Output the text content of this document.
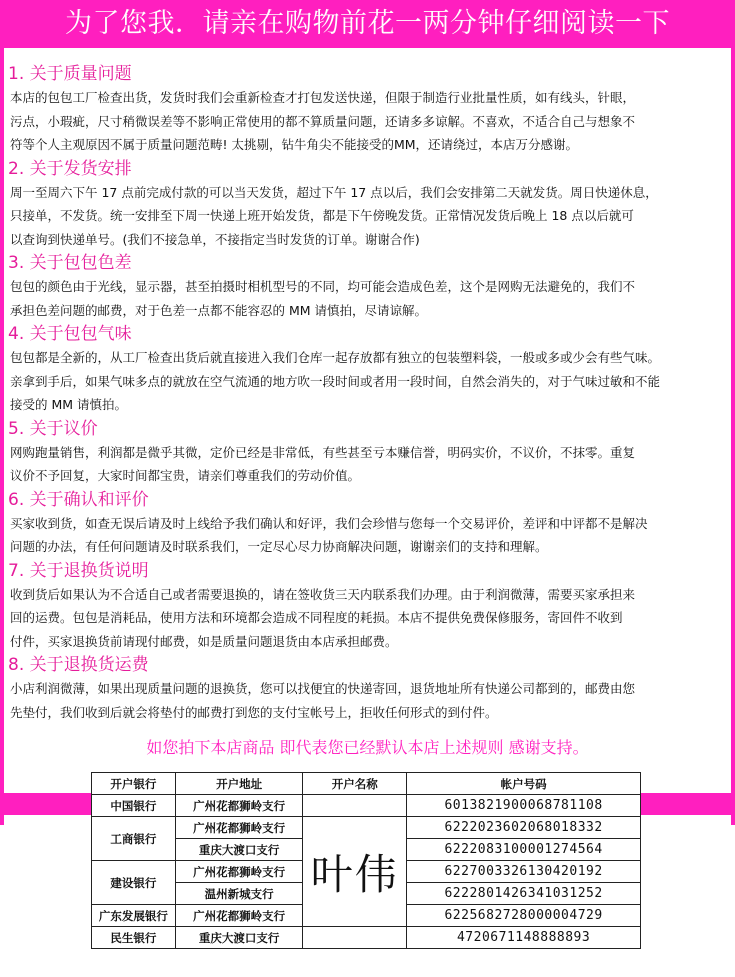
为了您我．请亲在购物前花一两分钟仔细阅读一下

1. 关于质量问题

本店的包包工厂检查出货，发货时我们会重新检查才打包发送快递，但限于制造行业批量性质，如有线头，针眼，

污点，小瑕疵，尺寸稍微误差等不影响正常使用的都不算质量问题，还请多多谅解。不喜欢，不适合自己与想象不

符等个人主观原因不属于质量问题范畴! 太挑剔，钻牛角尖不能接受的MM，还请绕过，本店万分感谢。

2. 关于发货安排

周一至周六下午 17 点前完成付款的可以当天发货，超过下午 17 点以后，我们会安排第二天就发货。周日快递休息，

只接单，不发货。统一安排至下周一快递上班开始发货，都是下午傍晚发货。正常情况发货后晚上 18 点以后就可

以查询到快递单号。(我们不接急单，不接指定当时发货的订单。谢谢合作)

3. 关于包包色差

包包的颜色由于光线，显示器，甚至拍摄时相机型号的不同，均可能会造成色差，这个是网购无法避免的，我们不

承担色差问题的邮费，对于色差一点都不能容忍的 MM 请慎拍，尽请谅解。

4. 关于包包气味

包包都是全新的，从工厂检查出货后就直接进入我们仓库一起存放都有独立的包装塑料袋，一般或多或少会有些气味。

亲拿到手后，如果气味多点的就放在空气流通的地方吹一段时间或者用一段时间，自然会消失的，对于气味过敏和不能

接受的 MM 请慎拍。

5. 关于议价

网购跑量销售，利润都是微乎其微，定价已经是非常低，有些甚至亏本赚信誉，明码实价，不议价，不抹零。重复

议价不予回复，大家时间都宝贵，请亲们尊重我们的劳动价值。

6. 关于确认和评价

买家收到货，如查无误后请及时上线给予我们确认和好评，我们会珍惜与您每一个交易评价，差评和中评都不是解决

问题的办法，有任何问题请及时联系我们，一定尽心尽力协商解决问题，谢谢亲们的支持和理解。

7. 关于退换货说明

收到货后如果认为不合适自己或者需要退换的，请在签收货三天内联系我们办理。由于利润微薄，需要买家承担来

回的运费。包包是消耗品，使用方法和环境都会造成不同程度的耗损。本店不提供免费保修服务，寄回件不收到

付件，买家退换货前请现付邮费，如是质量问题退货由本店承担邮费。

8. 关于退换货运费

小店利润微薄，如果出现质量问题的退换货，您可以找便宜的快递寄回，退货地址所有快递公司都到的，邮费由您

先垫付，我们收到后就会将垫付的邮费打到您的支付宝帐号上，拒收任何形式的到付件。

如您拍下本店商品 即代表您已经默认本店上述规则 感谢支持。
开户银行	开户地址	开户名称	帐户号码
中国银行	广州花都狮岭支行		6013821900068781108
工商银行	广州花都狮岭支行	叶伟	6222023602068018332
	重庆大渡口支行		6222083100001274564
建设银行	广州花都狮岭支行		6227003326130420192
	温州新城支行		6222801426341031252
广东发展银行	广州花都狮岭支行		6225682728000004729
民生银行	重庆大渡口支行		4720671148888893
